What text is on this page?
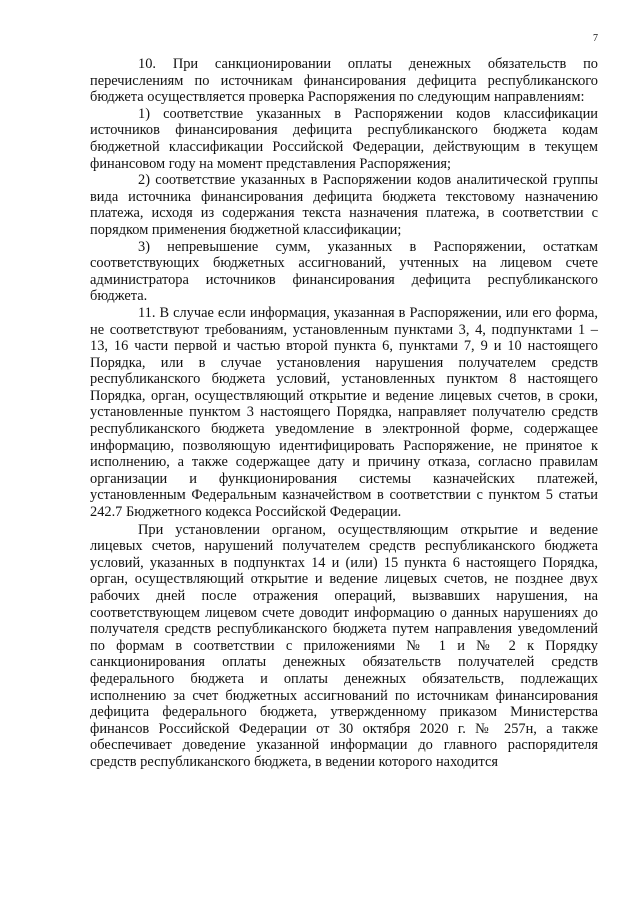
7

10. При санкционировании оплаты денежных обязательств по перечислениям по источникам финансирования дефицита республиканского бюджета осуществляется проверка Распоряжения по следующим направлениям:

1) соответствие указанных в Распоряжении кодов классификации источников финансирования дефицита республиканского бюджета кодам бюджетной классификации Российской Федерации, действующим в текущем финансовом году на момент представления Распоряжения;

2) соответствие указанных в Распоряжении кодов аналитической группы вида источника финансирования дефицита бюджета текстовому назначению платежа, исходя из содержания текста назначения платежа, в соответствии с порядком применения бюджетной классификации;

3) непревышение сумм, указанных в Распоряжении, остаткам соответствующих бюджетных ассигнований, учтенных на лицевом счете администратора источников финансирования дефицита республиканского бюджета.

11. В случае если информация, указанная в Распоряжении, или его форма, не соответствуют требованиям, установленным пунктами 3, 4, подпунктами 1 – 13, 16 части первой и частью второй пункта 6, пунктами 7, 9 и 10 настоящего Порядка, или в случае установления нарушения получателем средств республиканского бюджета условий, установленных пунктом 8 настоящего Порядка, орган, осуществляющий открытие и ведение лицевых счетов, в сроки, установленные пунктом 3 настоящего Порядка, направляет получателю средств республиканского бюджета уведомление в электронной форме, содержащее информацию, позволяющую идентифицировать Распоряжение, не принятое к исполнению, а также содержащее дату и причину отказа, согласно правилам организации и функционирования системы казначейских платежей, установленным Федеральным казначейством в соответствии с пунктом 5 статьи 242.7 Бюджетного кодекса Российской Федерации.

При установлении органом, осуществляющим открытие и ведение лицевых счетов, нарушений получателем средств республиканского бюджета условий, указанных в подпунктах 14 и (или) 15 пункта 6 настоящего Порядка, орган, осуществляющий открытие и ведение лицевых счетов, не позднее двух рабочих дней после отражения операций, вызвавших нарушения, на соответствующем лицевом счете доводит информацию о данных нарушениях до получателя средств республиканского бюджета путем направления уведомлений по формам в соответствии с приложениями № 1 и № 2 к Порядку санкционирования оплаты денежных обязательств получателей средств федерального бюджета и оплаты денежных обязательств, подлежащих исполнению за счет бюджетных ассигнований по источникам финансирования дефицита федерального бюджета, утвержденному приказом Министерства финансов Российской Федерации от 30 октября 2020 г. № 257н, а также обеспечивает доведение указанной информации до главного распорядителя средств республиканского бюджета, в ведении которого находится
